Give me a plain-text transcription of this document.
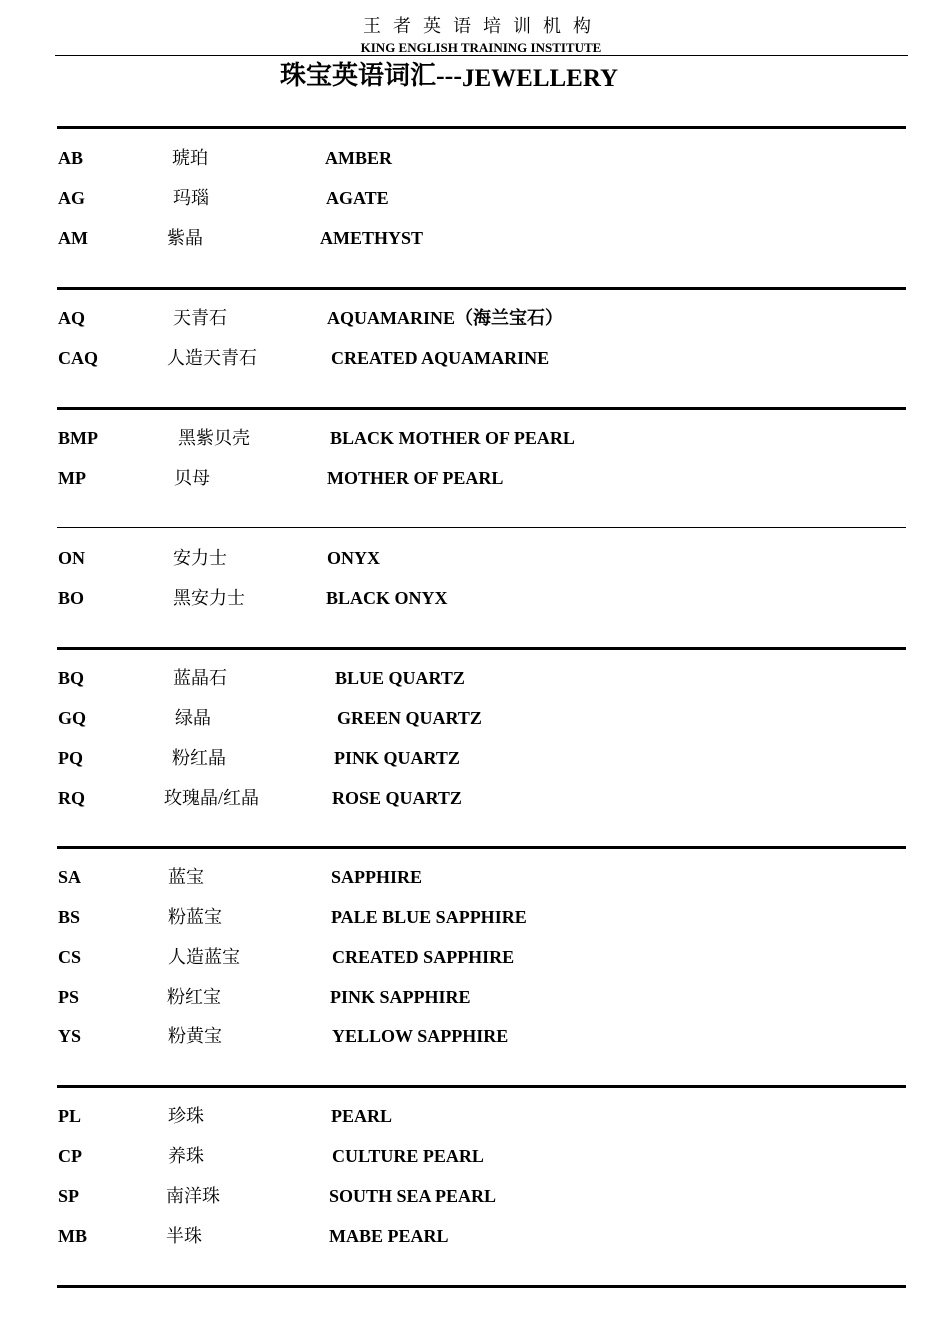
王者英语培训机构
KING ENGLISH TRAINING INSTITUTE
珠宝英语词汇---JEWELLERY
AB	琥珀	AMBER
AG	玛瑙	AGATE
AM	紫晶	AMETHYST
AQ	天青石	AQUAMARINE（海兰宝石）
CAQ	人造天青石	CREATED AQUAMARINE
BMP	黑紫贝壳	BLACK MOTHER OF PEARL
MP	贝母	MOTHER OF PEARL
ON	安力士	ONYX
BO	黑安力士	BLACK ONYX
BQ	蓝晶石	BLUE QUARTZ
GQ	绿晶	GREEN QUARTZ
PQ	粉红晶	PINK QUARTZ
RQ	玫瑰晶/红晶	ROSE QUARTZ
SA	蓝宝	SAPPHIRE
BS	粉蓝宝	PALE BLUE SAPPHIRE
CS	人造蓝宝	CREATED SAPPHIRE
PS	粉红宝	PINK SAPPHIRE
YS	粉黄宝	YELLOW SAPPHIRE
PL	珍珠	PEARL
CP	养珠	CULTURE PEARL
SP	南洋珠	SOUTH SEA PEARL
MB	半珠	MABE PEARL
